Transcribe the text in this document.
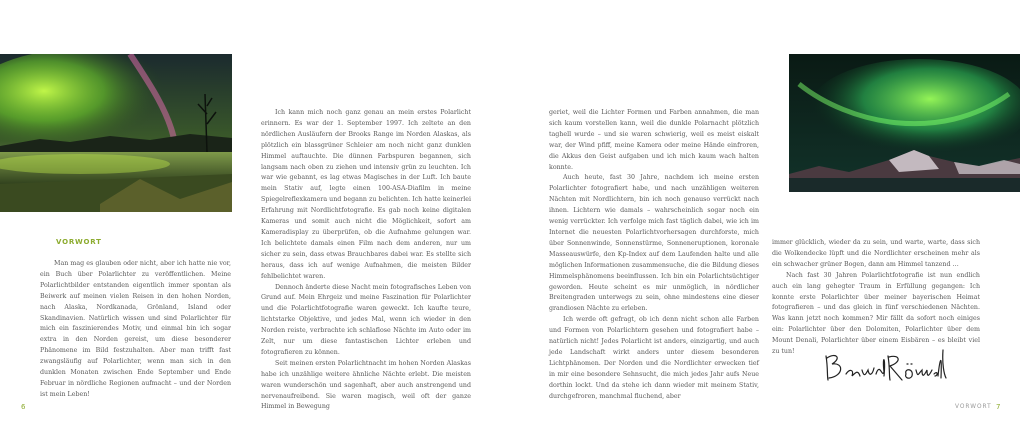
VORWORT

Man mag es glauben oder nicht, aber ich hatte nie vor, ein Buch über Polarlichter zu veröffentlichen. Meine Polarlichtbilder entstanden eigentlich immer spontan als Beiwerk auf meinen vielen Reisen in den hohen Norden, nach Alaska, Nordkanada, Grönland, Island oder Skandinavien. Natürlich wissen und sind Polarlichter für mich ein faszinierendes Motiv, und einmal bin ich sogar extra in den Norden gereist, um diese besonderer Phänomene im Bild festzuhalten. Aber man trifft fast zwangsläufig auf Polarlichter, wenn man sich in den dunklen Monaten zwischen Ende September und Ende Februar in nördliche Regionen aufmacht – und der Norden ist mein Leben!

Ich kann mich noch ganz genau an mein erstes Polarlicht erinnern. Es war der 1. September 1997. Ich zeltete an den nördlichen Ausläufern der Brooks Range im Norden Alaskas, als plötzlich ein blassgrüner Schleier am noch nicht ganz dunklen Himmel auftauchte. Die dünnen Farbspuren begannen, sich langsam nach oben zu ziehen und intensiv grün zu leuchten. Ich war wie gebannt, es lag etwas Magisches in der Luft. Ich baute mein Stativ auf, legte einen 100-ASA-Diafilm in meine Spiegelreflexkamera und begann zu belichten. Ich hatte keinerlei Erfahrung mit Nordlichtfotografie. Es gab noch keine digitalen Kameras und somit auch nicht die Möglichkeit, sofort am Kameradisplay zu überprüfen, ob die Aufnahme gelungen war. Ich belichtete damals einen Film nach dem anderen, nur um sicher zu sein, dass etwas Brauchbares dabei war. Es stellte sich heraus, dass ich auf wenige Aufnahmen, die meisten Bilder fehlbelichtet waren.

Dennoch änderte diese Nacht mein fotografisches Leben von Grund auf. Mein Ehrgeiz und meine Faszination für Polarlichter und die Polarlichtfotografie waren geweckt. Ich kaufte teure, lichtstarke Objektive, und jedes Mal, wenn ich wieder in den Norden reiste, verbrachte ich schlaflose Nächte im Auto oder im Zelt, nur um diese fantastischen Lichter erleben und fotografieren zu können.

Seit meinen ersten Polarlichtnacht im hohen Norden Alaskas habe ich unzählige weitere ähnliche Nächte erlebt. Die meisten waren wunderschön und sagenhaft, aber auch anstrengend und nervenaufreibend. Sie waren magisch, weil oft der ganze Himmel in Bewegung

6

geriet, weil die Lichter Formen und Farben annahmen, die man sich kaum vorstellen kann, weil die dunkle Polarnacht plötzlich taghell wurde – und sie waren schwierig, weil es meist eiskalt war, der Wind pfiff, meine Kamera oder meine Hände einfroren, die Akkus den Geist aufgaben und ich mich kaum wach halten konnte.

Auch heute, fast 30 Jahre, nachdem ich meine ersten Polarlichter fotografiert habe, und nach unzähligen weiteren Nächten mit Nordlichtern, bin ich noch genauso verrückt nach ihnen. Lichtern wie damals – wahrscheinlich sogar noch ein wenig verrückter. Ich verfolge mich fast täglich dabei, wie ich im Internet die neuesten Polarlichtvorhersagen durchforste, mich über Sonnenwinde, Sonnenstürme, Sonneneruptionen, koronale Masseauswürfe, den Kp-Index auf dem Laufenden halte und alle möglichen Informationen zusammensuche, die die Bildung dieses Himmelsphänomens beeinflussen. Ich bin ein Polarlichtsüchtiger geworden. Heute scheint es mir unmöglich, in nördlicher Breitengraden unterwegs zu sein, ohne mindestens eine dieser grandiosen Nächte zu erleben.

Ich werde oft gefragt, ob ich denn nicht schon alle Farben und Formen von Polarlichtern gesehen und fotografiert habe – natürlich nicht! Jedes Polarlicht ist anders, einzigartig, und auch jede Landschaft wirkt anders unter diesem besonderen Lichtphänomen. Der Norden und die Nordlichter erwecken tief in mir eine besondere Sehnsucht, die mich jedes Jahr aufs Neue dorthin lockt. Und da stehe ich dann wieder mit meinem Stativ, durchgefroren, manchmal fluchend, aber

immer glücklich, wieder da zu sein, und warte, warte, dass sich die Wolkendecke lüpft und die Nordlichter erscheinen mehr als ein schwacher grüner Bogen, dann am Himmel tanzend …

Nach fast 30 Jahren Polarlichtfotografie ist nun endlich auch ein lang gehegter Traum in Erfüllung gegangen: Ich konnte erste Polarlichter über meiner bayerischen Heimat fotografieren – und das gleich in fünf verschiedenen Nächten. Was kann jetzt noch kommen? Mir fällt da sofort noch einiges ein: Polarlichter über den Dolomiten, Polarlichter über dem Mount Denali, Polarlichter über einem Eisbären – es bleibt viel zu tun!

VORWORT 7
